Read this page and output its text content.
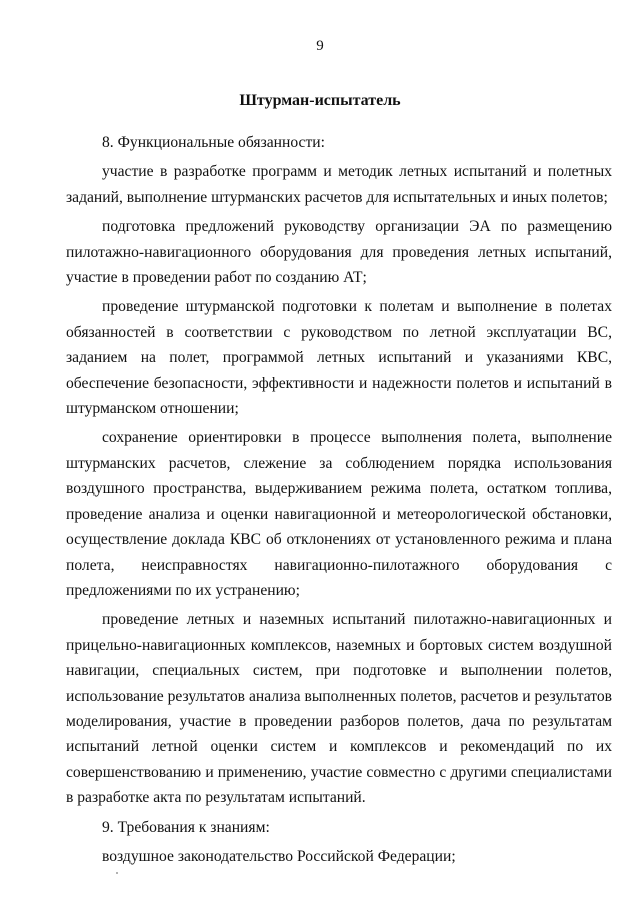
9
Штурман-испытатель

8. Функциональные обязанности:

участие в разработке программ и методик летных испытаний и полетных заданий, выполнение штурманских расчетов для испытательных и иных полетов;

подготовка предложений руководству организации ЭА по размещению пилотажно-навигационного оборудования для проведения летных испытаний, участие в проведении работ по созданию АТ;

проведение штурманской подготовки к полетам и выполнение в полетах обязанностей в соответствии с руководством по летной эксплуатации ВС, заданием на полет, программой летных испытаний и указаниями КВС, обеспечение безопасности, эффективности и надежности полетов и испытаний в штурманском отношении;

сохранение ориентировки в процессе выполнения полета, выполнение штурманских расчетов, слежение за соблюдением порядка использования воздушного пространства, выдерживанием режима полета, остатком топлива, проведение анализа и оценки навигационной и метеорологической обстановки, осуществление доклада КВС об отклонениях от установленного режима и плана полета, неисправностях навигационно-пилотажного оборудования с предложениями по их устранению;

проведение летных и наземных испытаний пилотажно-навигационных и прицельно-навигационных комплексов, наземных и бортовых систем воздушной навигации, специальных систем, при подготовке и выполнении полетов, использование результатов анализа выполненных полетов, расчетов и результатов моделирования, участие в проведении разборов полетов, дача по результатам испытаний летной оценки систем и комплексов и рекомендаций по их совершенствованию и применению, участие совместно с другими специалистами в разработке акта по результатам испытаний.

9. Требования к знаниям:

воздушное законодательство Российской Федерации;
